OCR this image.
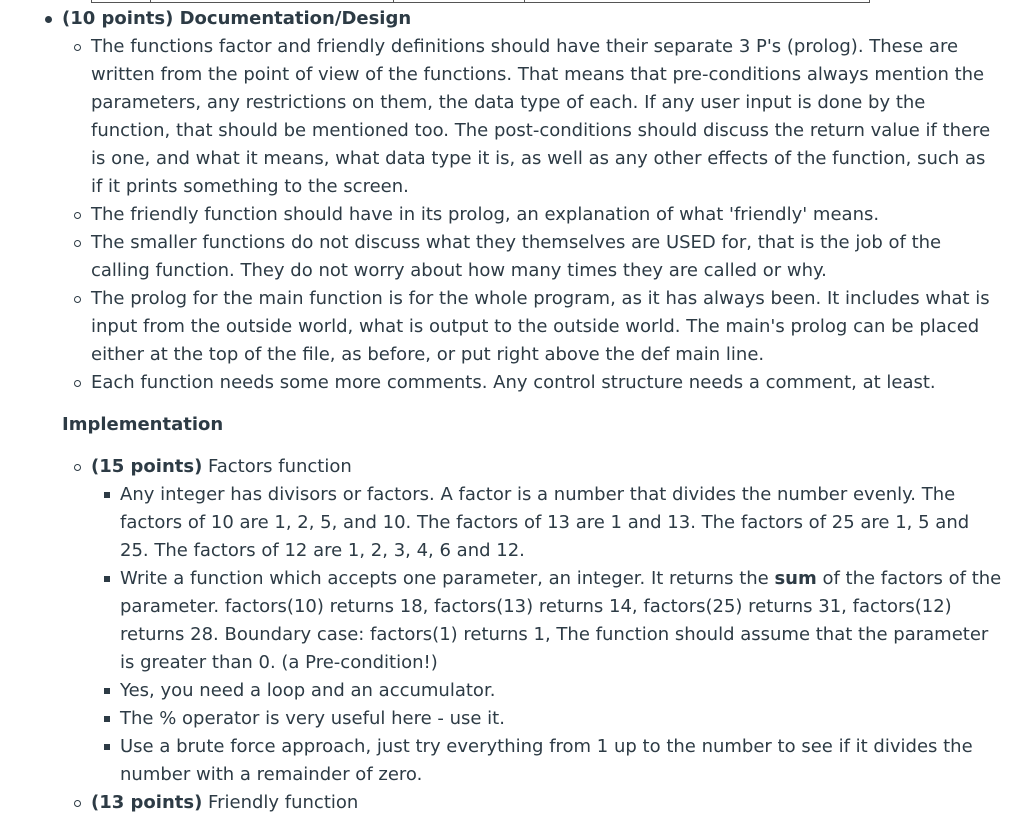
(10 points) Documentation/Design
The functions factor and friendly definitions should have their separate 3 P's (prolog). These are written from the point of view of the functions. That means that pre-conditions always mention the parameters, any restrictions on them, the data type of each. If any user input is done by the function, that should be mentioned too. The post-conditions should discuss the return value if there is one, and what it means, what data type it is, as well as any other effects of the function, such as if it prints something to the screen.
The friendly function should have in its prolog, an explanation of what 'friendly' means.
The smaller functions do not discuss what they themselves are USED for, that is the job of the calling function. They do not worry about how many times they are called or why.
The prolog for the main function is for the whole program, as it has always been. It includes what is input from the outside world, what is output to the outside world. The main's prolog can be placed either at the top of the file, as before, or put right above the def main line.
Each function needs some more comments. Any control structure needs a comment, at least.
Implementation
(15 points) Factors function
Any integer has divisors or factors. A factor is a number that divides the number evenly. The factors of 10 are 1, 2, 5, and 10. The factors of 13 are 1 and 13. The factors of 25 are 1, 5 and 25. The factors of 12 are 1, 2, 3, 4, 6 and 12.
Write a function which accepts one parameter, an integer. It returns the sum of the factors of the parameter. factors(10) returns 18, factors(13) returns 14, factors(25) returns 31, factors(12) returns 28. Boundary case: factors(1) returns 1, The function should assume that the parameter is greater than 0. (a Pre-condition!)
Yes, you need a loop and an accumulator.
The % operator is very useful here - use it.
Use a brute force approach, just try everything from 1 up to the number to see if it divides the number with a remainder of zero.
(13 points) Friendly function
